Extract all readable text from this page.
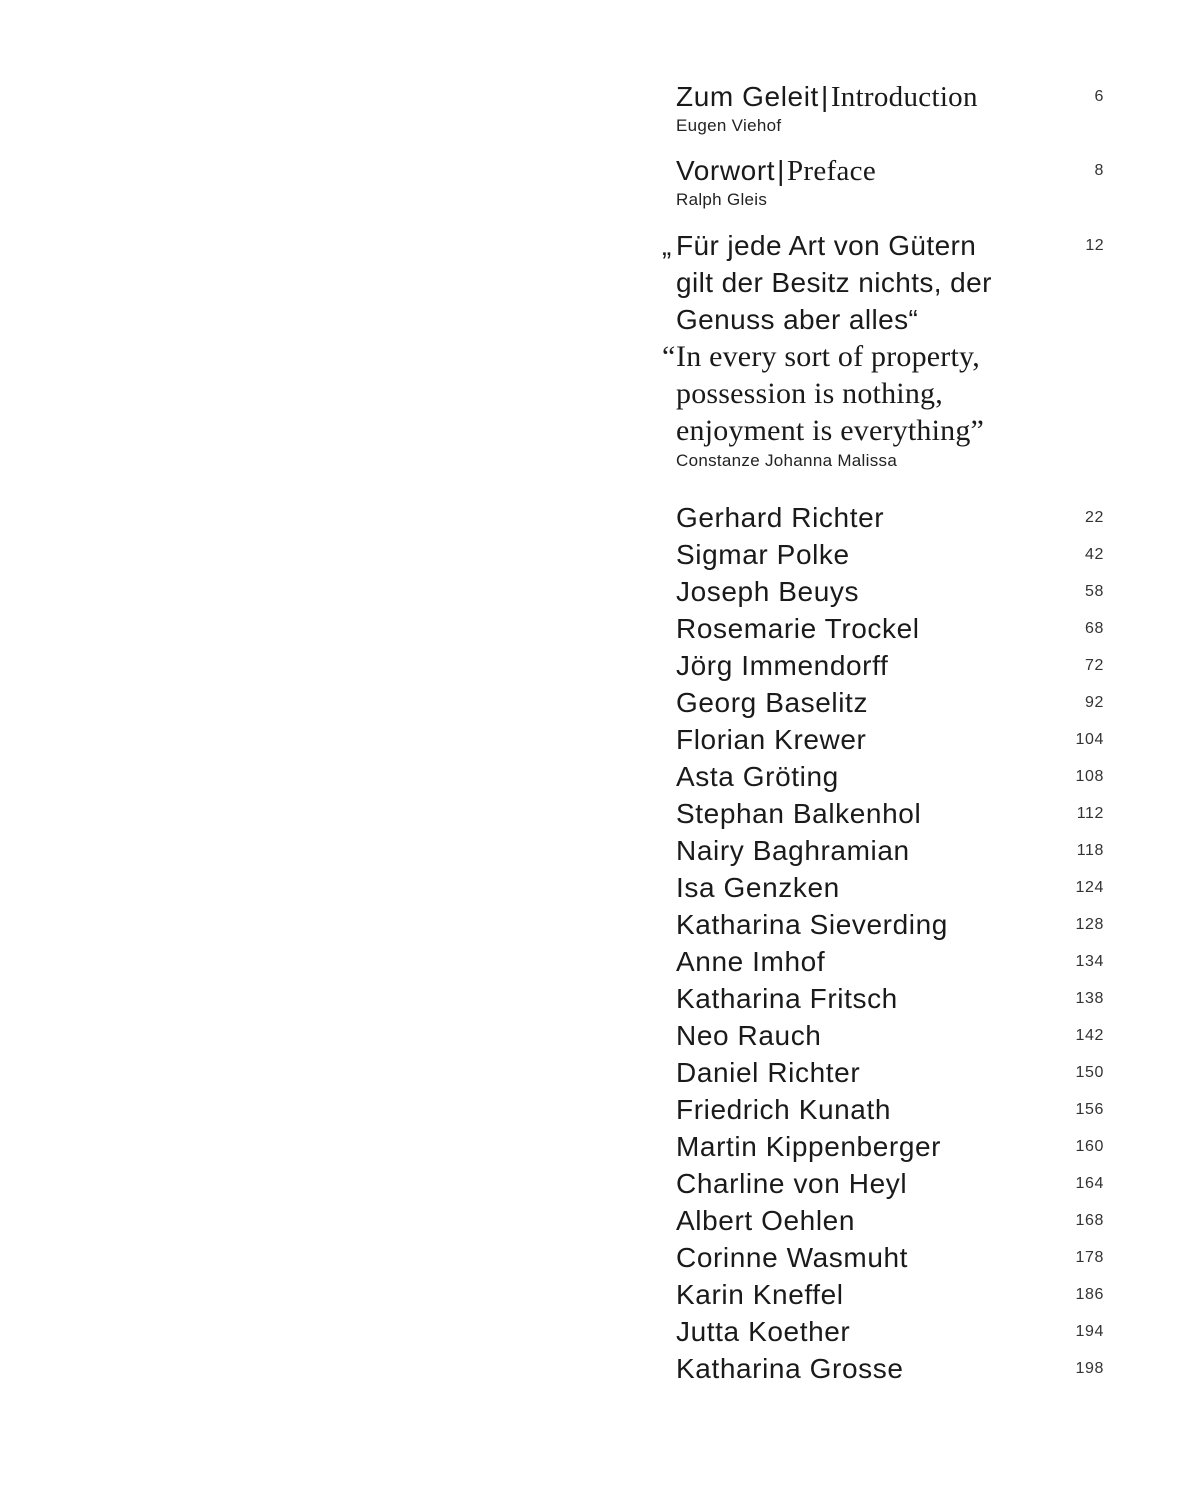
Zum Geleit|Introduction	6
Eugen Viehof
Vorwort|Preface	8
Ralph Gleis
„ Für jede Art von Gütern	12
gilt der Besitz nichts, der
Genuss aber alles“
“ In every sort of property,
possession is nothing,
enjoyment is everything”
Constanze Johanna Malissa
Gerhard Richter	22
Sigmar Polke	42
Joseph Beuys	58
Rosemarie Trockel	68
Jörg Immendorff	72
Georg Baselitz	92
Florian Krewer	104
Asta Gröting	108
Stephan Balkenhol	112
Nairy Baghramian	118
Isa Genzken	124
Katharina Sieverding	128
Anne Imhof	134
Katharina Fritsch	138
Neo Rauch	142
Daniel Richter	150
Friedrich Kunath	156
Martin Kippenberger	160
Charline von Heyl	164
Albert Oehlen	168
Corinne Wasmuht	178
Karin Kneffel	186
Jutta Koether	194
Katharina Grosse	198
